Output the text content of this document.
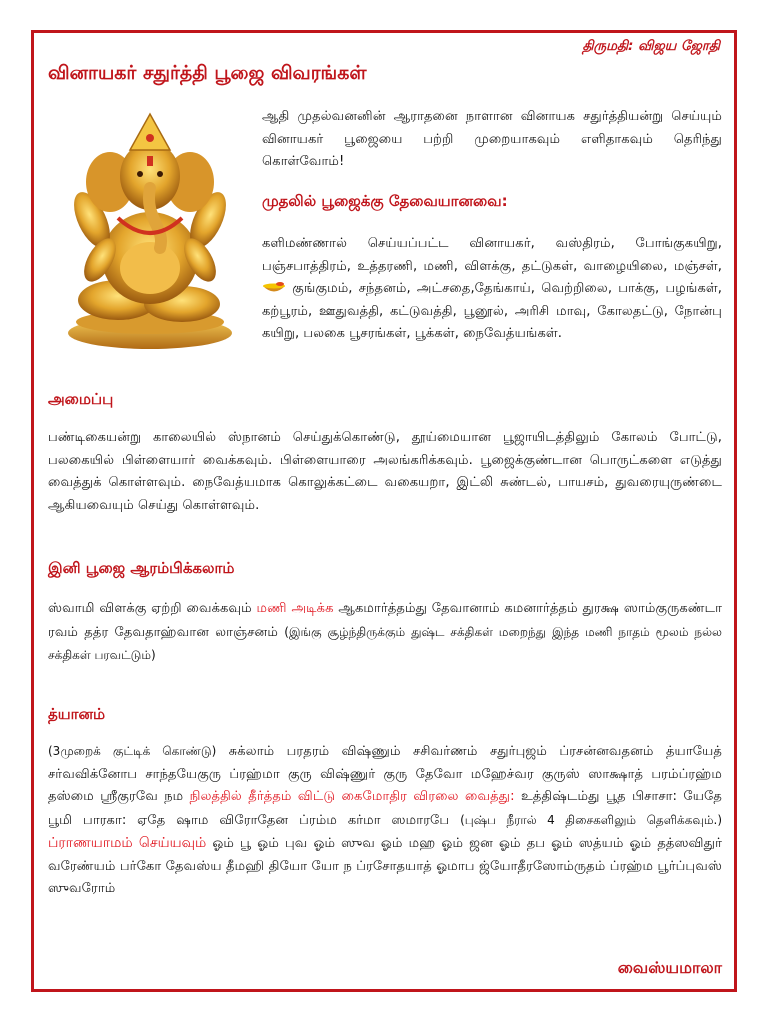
திருமதி: விஜய ஜோதி
வினாயகர் சதுர்த்தி பூஜை விவரங்கள்

ஆதி முதல்வனனின் ஆராதனை நாளான வினாயக சதுர்த்தியன்று செய்யும் வினாயகர் பூஜையை பற்றி முறையாகவும் எளிதாகவும் தெரிந்து கொள்வோம்!

முதலில் பூஜைக்கு தேவையானவை:

களிமண்ணால் செய்யப்பட்ட வினாயகர், வஸ்திரம், போங்குகயிறு, பஞ்சபாத்திரம், உத்தரணி, மணி, விளக்கு, தட்டுகள், வாழையிலை, மஞ்சள்,  குங்குமம், சந்தனம், அட்சதை,தேங்காய், வெற்றிலை, பாக்கு, பழங்கள், கற்பூரம், ஊதுவத்தி, கட்டுவத்தி, பூனூல், அரிசி மாவு, கோலதட்டு, நோன்பு கயிறு, பலகை பூசரங்கள், பூக்கள், நைவேத்யங்கள்.

அமைப்பு

பண்டிகையன்று காலையில் ஸ்நானம் செய்துக்கொண்டு, தூய்மையான பூஜாயிடத்திலும் கோலம் போட்டு, பலகையில் பிள்ளையார் வைக்கவும். பிள்ளையாரை அலங்கரிக்கவும். பூஜைக்குண்டான பொருட்களை எடுத்து வைத்துக் கொள்ளவும். நைவேத்யமாக கொலுக்கட்டை வகையறா, இட்லி சுண்டல், பாயசம், துவரையுருண்டை ஆகியவையும் செய்து கொள்ளவும்.

இனி பூஜை ஆரம்பிக்கலாம்

ஸ்வாமி விளக்கு ஏற்றி வைக்கவும் மணி அடிக்க ஆகமார்த்தம்து தேவானாம் கமனார்த்தம் துரக்ஷ ஸாம்குருகண்டா ரவம் தத்ர தேவதாஹ்வான லாஞ்சனம் (இங்கு சூழ்ந்திருக்கும் துஷ்ட சக்திகள் மறைந்து இந்த மணி நாதம் மூலம் நல்ல சக்திகள் பரவட்டும்)

த்யானம்

(3முறைக் குட்டிக் கொண்டு) சுக்லாம் பரதரம் விஷ்ணும் சசிவர்ணம் சதுர்புஜம் ப்ரசன்னவதனம் த்யாயேத் சர்வவிக்னோப சாந்தயேகுரு ப்ரஹ்மா குரு விஷ்ணுர் குரு தேவோ மஹேச்வர குருஸ் ஸாக்ஷாத் பரம்ப்ரஹ்ம தஸ்மை ஸ்ரீகுரவே நம நிலத்தில் தீர்த்தம் விட்டு கைமோதிர விரலை வைத்து: உத்திஷ்டம்து பூத பிசாசா: யேதே பூமி பாரகா: ஏதே ஷாம விரோதேன ப்ரம்ம கர்மா ஸமாரபே (புஷ்ப நீரால் 4 திசைகளிலும் தெளிக்கவும்.) ப்ராணயாமம் செய்யவும் ஓம் பூ ஓம் புவ ஓம் ஸுவ ஓம் மஹ ஓம் ஜன ஓம் தப ஓம் ஸத்யம் ஓம் தத்ஸவிதுர் வரேண்யம் பர்கோ தேவஸ்ய தீமஹி தியோ யோ ந ப்ரசோதயாத் ஓமாப ஜ்யோதீரஸோம்ருதம் ப்ரஹ்ம பூர்ப்புவஸ் ஸுவரோம்

வைஸ்யமாலா
